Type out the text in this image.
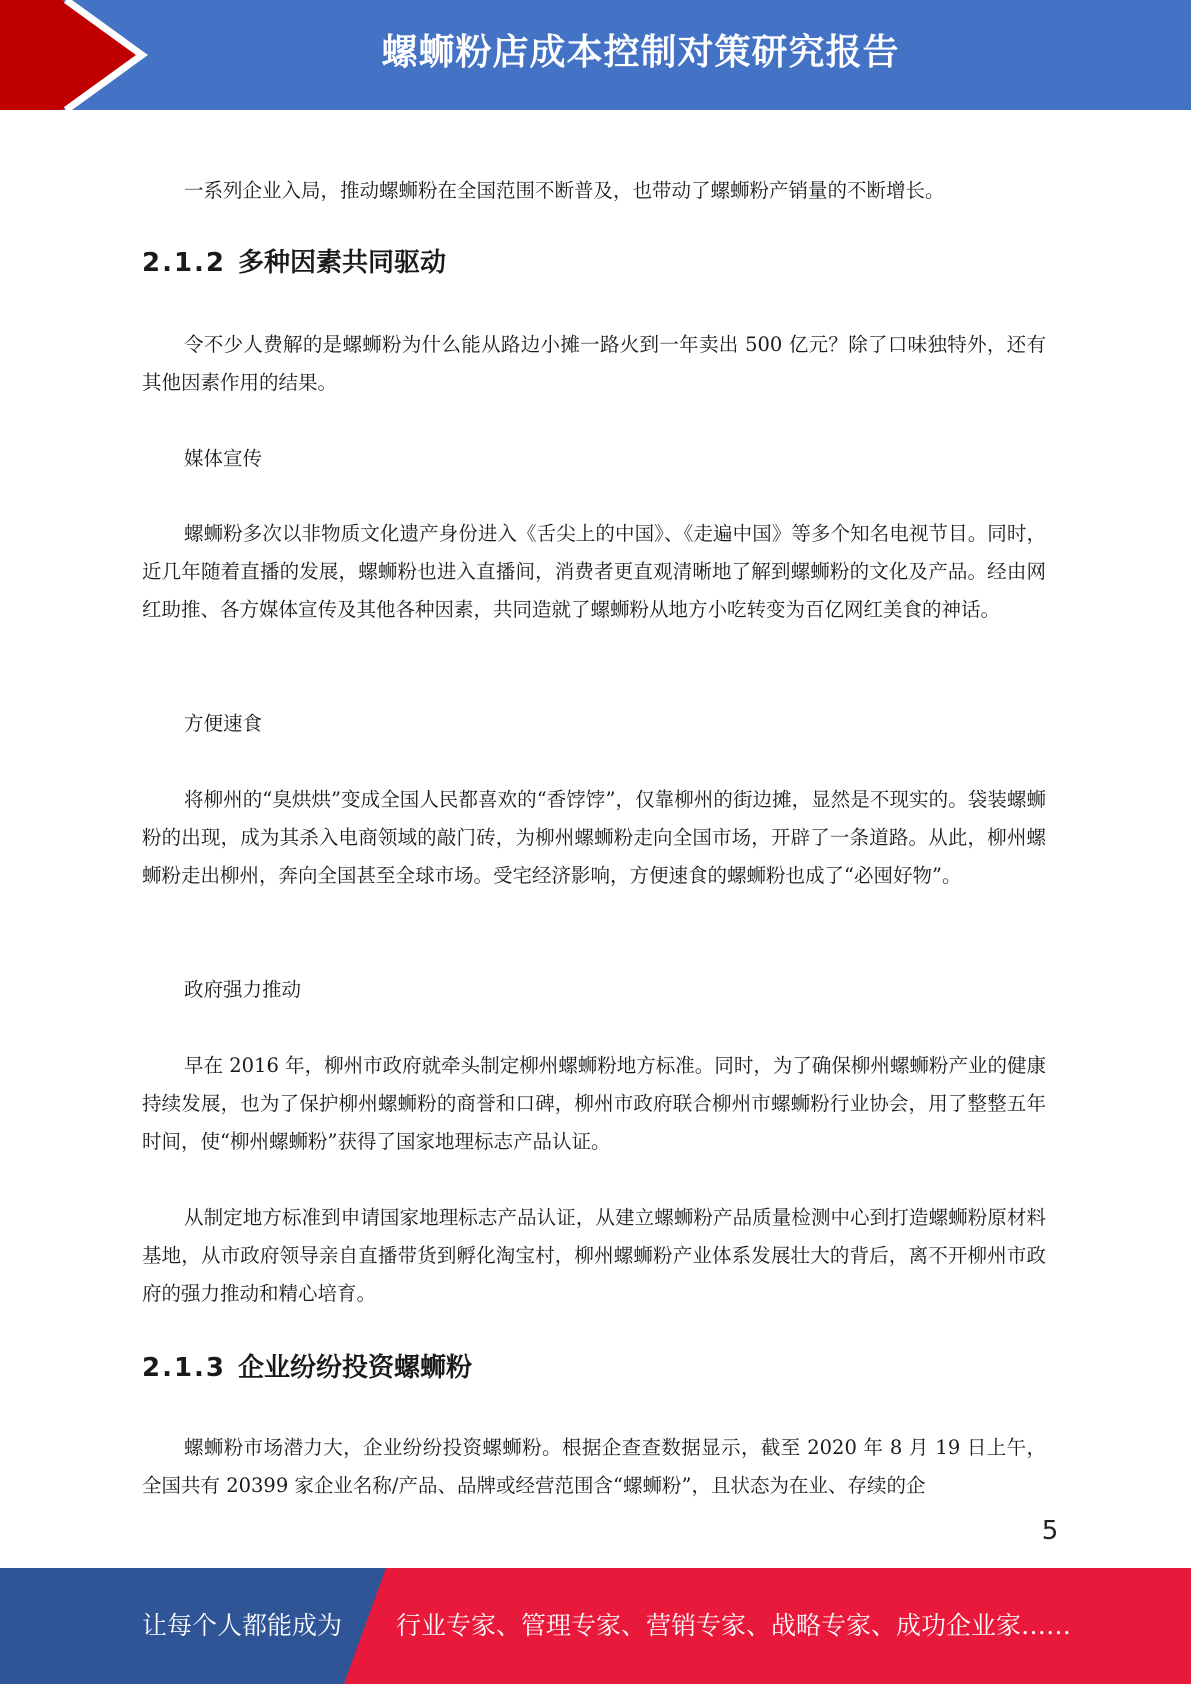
螺蛳粉店成本控制对策研究报告

一系列企业入局，推动螺蛳粉在全国范围不断普及，也带动了螺蛳粉产销量的不断增长。

2.1.2 多种因素共同驱动

令不少人费解的是螺蛳粉为什么能从路边小摊一路火到一年卖出 500 亿元？除了口味独特外，还有其他因素作用的结果。

媒体宣传

螺蛳粉多次以非物质文化遗产身份进入《舌尖上的中国》、《走遍中国》等多个知名电视节目。同时，近几年随着直播的发展，螺蛳粉也进入直播间，消费者更直观清晰地了解到螺蛳粉的文化及产品。经由网红助推、各方媒体宣传及其他各种因素，共同造就了螺蛳粉从地方小吃转变为百亿网红美食的神话。

方便速食

将柳州的“臭烘烘”变成全国人民都喜欢的“香饽饽”，仅靠柳州的街边摊，显然是不现实的。袋装螺蛳粉的出现，成为其杀入电商领域的敲门砖，为柳州螺蛳粉走向全国市场，开辟了一条道路。从此，柳州螺蛳粉走出柳州，奔向全国甚至全球市场。受宅经济影响，方便速食的螺蛳粉也成了“必囤好物”。

政府强力推动

早在 2016 年，柳州市政府就牵头制定柳州螺蛳粉地方标准。同时，为了确保柳州螺蛳粉产业的健康持续发展，也为了保护柳州螺蛳粉的商誉和口碑，柳州市政府联合柳州市螺蛳粉行业协会，用了整整五年时间，使“柳州螺蛳粉”获得了国家地理标志产品认证。

从制定地方标准到申请国家地理标志产品认证，从建立螺蛳粉产品质量检测中心到打造螺蛳粉原材料基地，从市政府领导亲自直播带货到孵化淘宝村，柳州螺蛳粉产业体系发展壮大的背后，离不开柳州市政府的强力推动和精心培育。

2.1.3 企业纷纷投资螺蛳粉

螺蛳粉市场潜力大，企业纷纷投资螺蛳粉。根据企查查数据显示，截至 2020 年 8 月 19 日上午，全国共有 20399 家企业名称/产品、品牌或经营范围含“螺蛳粉”，且状态为在业、存续的企

5
让每个人都能成为 行业专家、管理专家、营销专家、战略专家、成功企业家……
